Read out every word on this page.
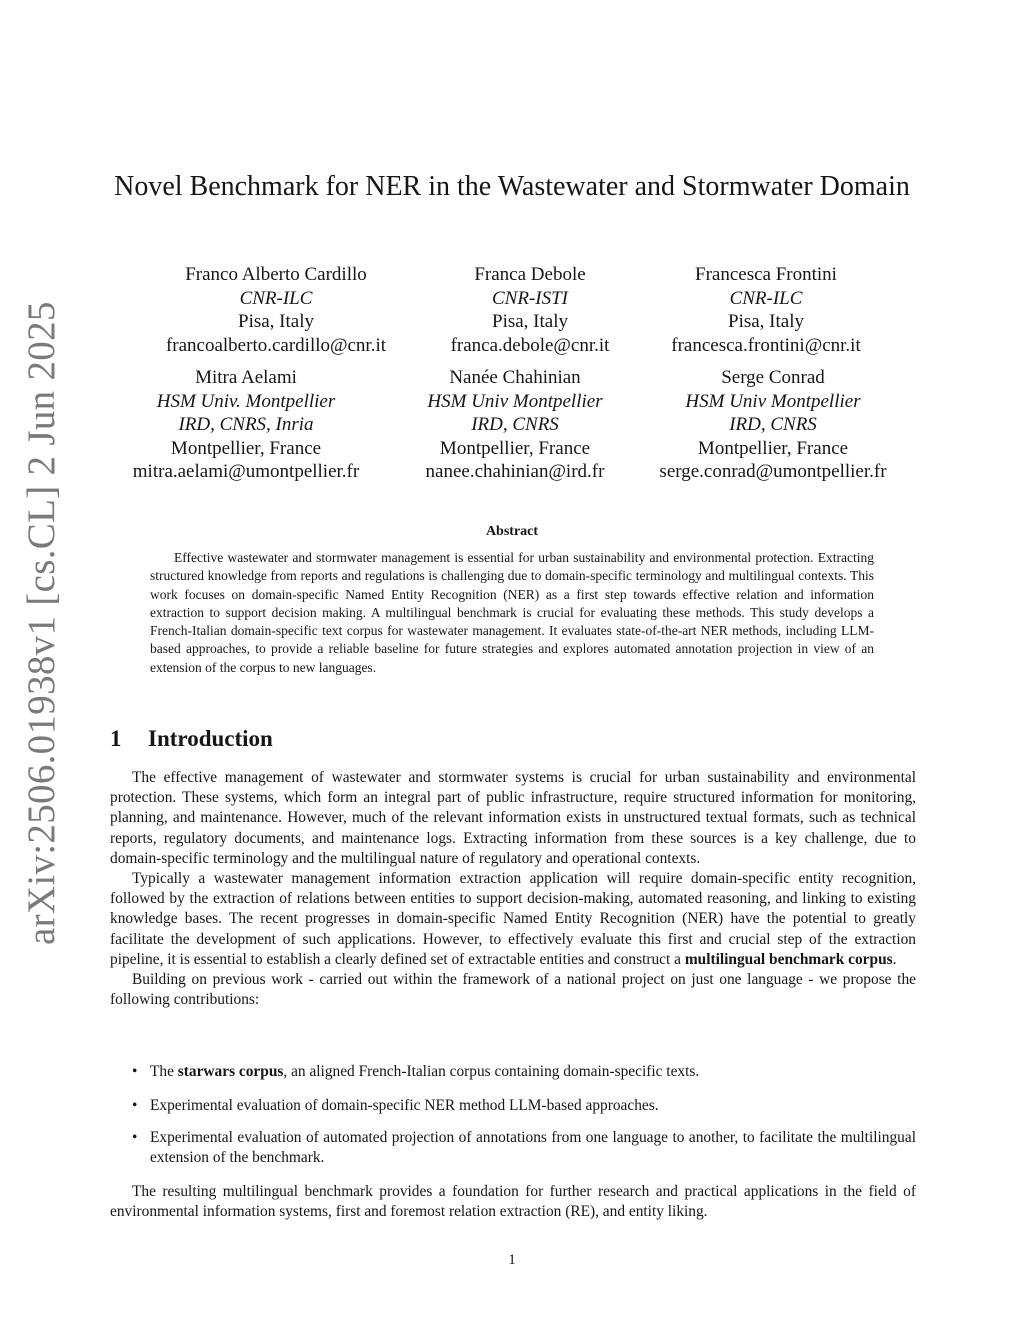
arXiv:2506.01938v1 [cs.CL] 2 Jun 2025
Novel Benchmark for NER in the Wastewater and Stormwater Domain
Franco Alberto Cardillo
CNR-ILC
Pisa, Italy
francoalberto.cardillo@cnr.it
Franca Debole
CNR-ISTI
Pisa, Italy
franca.debole@cnr.it
Francesca Frontini
CNR-ILC
Pisa, Italy
francesca.frontini@cnr.it
Mitra Aelami
HSM Univ. Montpellier
IRD, CNRS, Inria
Montpellier, France
mitra.aelami@umontpellier.fr
Nanée Chahinian
HSM Univ Montpellier
IRD, CNRS
Montpellier, France
nanee.chahinian@ird.fr
Serge Conrad
HSM Univ Montpellier
IRD, CNRS
Montpellier, France
serge.conrad@umontpellier.fr
Abstract

Effective wastewater and stormwater management is essential for urban sustainability and environmental protection. Extracting structured knowledge from reports and regulations is challenging due to domain-specific terminology and multilingual contexts. This work focuses on domain-specific Named Entity Recognition (NER) as a first step towards effective relation and information extraction to support decision making. A multilingual benchmark is crucial for evaluating these methods. This study develops a French-Italian domain-specific text corpus for wastewater management. It evaluates state-of-the-art NER methods, including LLM-based approaches, to provide a reliable baseline for future strategies and explores automated annotation projection in view of an extension of the corpus to new languages.

1 Introduction

The effective management of wastewater and stormwater systems is crucial for urban sustainability and environmental protection. These systems, which form an integral part of public infrastructure, require structured information for monitoring, planning, and maintenance. However, much of the relevant information exists in unstructured textual formats, such as technical reports, regulatory documents, and maintenance logs. Extracting information from these sources is a key challenge, due to domain-specific terminology and the multilingual nature of regulatory and operational contexts.

Typically a wastewater management information extraction application will require domain-specific entity recognition, followed by the extraction of relations between entities to support decision-making, automated reasoning, and linking to existing knowledge bases. The recent progresses in domain-specific Named Entity Recognition (NER) have the potential to greatly facilitate the development of such applications. However, to effectively evaluate this first and crucial step of the extraction pipeline, it is essential to establish a clearly defined set of extractable entities and construct a multilingual benchmark corpus.

Building on previous work - carried out within the framework of a national project on just one language - we propose the following contributions:

• The starwars corpus, an aligned French-Italian corpus containing domain-specific texts.
• Experimental evaluation of domain-specific NER method LLM-based approaches.
• Experimental evaluation of automated projection of annotations from one language to another, to facilitate the multilingual extension of the benchmark.

The resulting multilingual benchmark provides a foundation for further research and practical applications in the field of environmental information systems, first and foremost relation extraction (RE), and entity liking.

1
